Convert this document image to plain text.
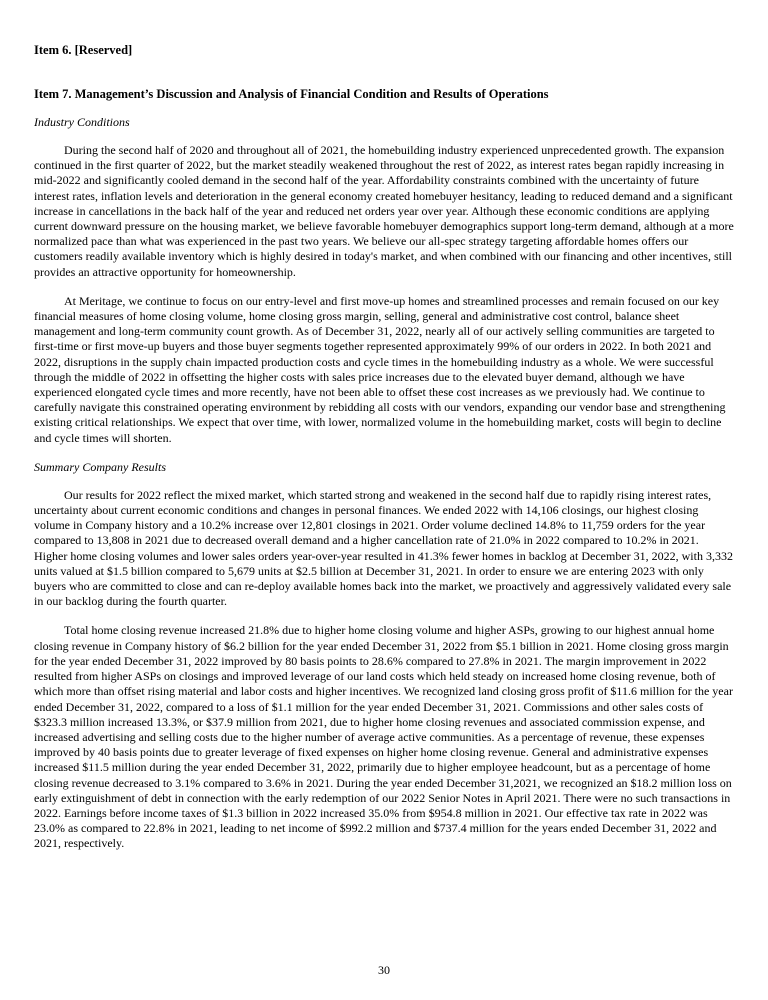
Item 6. [Reserved]
Item 7. Management’s Discussion and Analysis of Financial Condition and Results of Operations
Industry Conditions

During the second half of 2020 and throughout all of 2021, the homebuilding industry experienced unprecedented growth. The expansion continued in the first quarter of 2022, but the market steadily weakened throughout the rest of 2022, as interest rates began rapidly increasing in mid-2022 and significantly cooled demand in the second half of the year. Affordability constraints combined with the uncertainty of future interest rates, inflation levels and deterioration in the general economy created homebuyer hesitancy, leading to reduced demand and a significant increase in cancellations in the back half of the year and reduced net orders year over year. Although these economic conditions are applying current downward pressure on the housing market, we believe favorable homebuyer demographics support long-term demand, although at a more normalized pace than what was experienced in the past two years. We believe our all-spec strategy targeting affordable homes offers our customers readily available inventory which is highly desired in today's market, and when combined with our financing and other incentives, still provides an attractive opportunity for homeownership.

At Meritage, we continue to focus on our entry-level and first move-up homes and streamlined processes and remain focused on our key financial measures of home closing volume, home closing gross margin, selling, general and administrative cost control, balance sheet management and long-term community count growth. As of December 31, 2022, nearly all of our actively selling communities are targeted to first-time or first move-up buyers and those buyer segments together represented approximately 99% of our orders in 2022. In both 2021 and 2022, disruptions in the supply chain impacted production costs and cycle times in the homebuilding industry as a whole. We were successful through the middle of 2022 in offsetting the higher costs with sales price increases due to the elevated buyer demand, although we have experienced elongated cycle times and more recently, have not been able to offset these cost increases as we previously had. We continue to carefully navigate this constrained operating environment by rebidding all costs with our vendors, expanding our vendor base and strengthening existing critical relationships. We expect that over time, with lower, normalized volume in the homebuilding market, costs will begin to decline and cycle times will shorten.

Summary Company Results

Our results for 2022 reflect the mixed market, which started strong and weakened in the second half due to rapidly rising interest rates, uncertainty about current economic conditions and changes in personal finances. We ended 2022 with 14,106 closings, our highest closing volume in Company history and a 10.2% increase over 12,801 closings in 2021. Order volume declined 14.8% to 11,759 orders for the year compared to 13,808 in 2021 due to decreased overall demand and a higher cancellation rate of 21.0% in 2022 compared to 10.2% in 2021. Higher home closing volumes and lower sales orders year-over-year resulted in 41.3% fewer homes in backlog at December 31, 2022, with 3,332 units valued at $1.5 billion compared to 5,679 units at $2.5 billion at December 31, 2021. In order to ensure we are entering 2023 with only buyers who are committed to close and can re-deploy available homes back into the market, we proactively and aggressively validated every sale in our backlog during the fourth quarter.

Total home closing revenue increased 21.8% due to higher home closing volume and higher ASPs, growing to our highest annual home closing revenue in Company history of $6.2 billion for the year ended December 31, 2022 from $5.1 billion in 2021. Home closing gross margin for the year ended December 31, 2022 improved by 80 basis points to 28.6% compared to 27.8% in 2021. The margin improvement in 2022 resulted from higher ASPs on closings and improved leverage of our land costs which held steady on increased home closing revenue, both of which more than offset rising material and labor costs and higher incentives. We recognized land closing gross profit of $11.6 million for the year ended December 31, 2022, compared to a loss of $1.1 million for the year ended December 31, 2021. Commissions and other sales costs of $323.3 million increased 13.3%, or $37.9 million from 2021, due to higher home closing revenues and associated commission expense, and increased advertising and selling costs due to the higher number of average active communities. As a percentage of revenue, these expenses improved by 40 basis points due to greater leverage of fixed expenses on higher home closing revenue. General and administrative expenses increased $11.5 million during the year ended December 31, 2022, primarily due to higher employee headcount, but as a percentage of home closing revenue decreased to 3.1% compared to 3.6% in 2021. During the year ended December 31,2021, we recognized an $18.2 million loss on early extinguishment of debt in connection with the early redemption of our 2022 Senior Notes in April 2021. There were no such transactions in 2022. Earnings before income taxes of $1.3 billion in 2022 increased 35.0% from $954.8 million in 2021. Our effective tax rate in 2022 was 23.0% as compared to 22.8% in 2021, leading to net income of $992.2 million and $737.4 million for the years ended December 31, 2022 and 2021, respectively.

30
